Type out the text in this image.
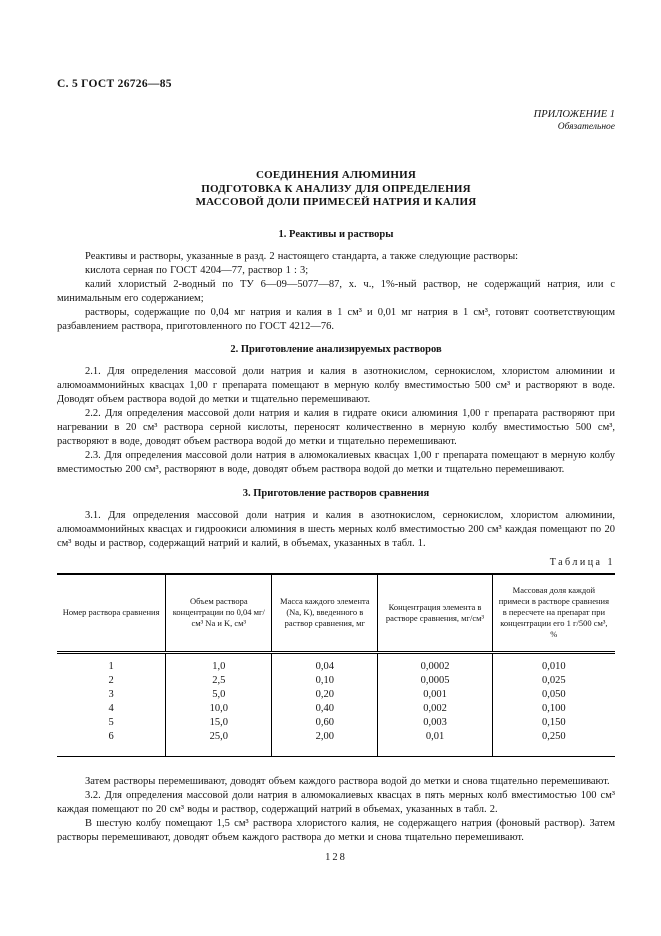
С. 5 ГОСТ 26726—85
ПРИЛОЖЕНИЕ 1
Обязательное
СОЕДИНЕНИЯ АЛЮМИНИЯ
ПОДГОТОВКА К АНАЛИЗУ ДЛЯ ОПРЕДЕЛЕНИЯ
МАССОВОЙ ДОЛИ ПРИМЕСЕЙ НАТРИЯ И КАЛИЯ
1. Реактивы и растворы

Реактивы и растворы, указанные в разд. 2 настоящего стандарта, а также следующие растворы:

кислота серная по ГОСТ 4204—77, раствор 1 : 3;

калий хлористый 2-водный по ТУ 6—09—5077—87, х. ч., 1%-ный раствор, не содержащий натрия, или с минимальным его содержанием;

растворы, содержащие по 0,04 мг натрия и калия в 1 см³ и 0,01 мг натрия в 1 см³, готовят соответствующим разбавлением раствора, приготовленного по ГОСТ 4212—76.

2. Приготовление анализируемых растворов

2.1. Для определения массовой доли натрия и калия в азотнокислом, сернокислом, хлористом алюминии и алюмоаммонийных квасцах 1,00 г препарата помещают в мерную колбу вместимостью 500 см³ и растворяют в воде. Доводят объем раствора водой до метки и тщательно перемешивают.

2.2. Для определения массовой доли натрия и калия в гидрате окиси алюминия 1,00 г препарата растворяют при нагревании в 20 см³ раствора серной кислоты, переносят количественно в мерную колбу вместимостью 500 см³, растворяют в воде, доводят объем раствора водой до метки и тщательно перемешивают.

2.3. Для определения массовой доли натрия в алюмокалиевых квасцах 1,00 г препарата помещают в мерную колбу вместимостью 200 см³, растворяют в воде, доводят объем раствора водой до метки и тщательно перемешивают.

3. Приготовление растворов сравнения

3.1. Для определения массовой доли натрия и калия в азотнокислом, сернокислом, хлористом алюминии, алюмоаммонийных квасцах и гидроокиси алюминия в шесть мерных колб вместимостью 200 см³ каждая помещают по 20 см³ воды и раствор, содержащий натрий и калий, в объемах, указанных в табл. 1.

Таблица 1
Номер раствора сравнения	Объем раствора концентрации по 0,04 мг/см³ Na и K, см³	Масса каждого элемента (Na, K), введенного в раствор сравнения, мг	Концентрация элемента в растворе сравнения, мг/см³	Массовая доля каждой примеси в растворе сравнения в пересчете на препарат при концентрации его 1 г/500 см³, %
1	1,0	0,04	0,0002	0,010
2	2,5	0,10	0,0005	0,025
3	5,0	0,20	0,001	0,050
4	10,0	0,40	0,002	0,100
5	15,0	0,60	0,003	0,150
6	25,0	2,00	0,01	0,250

Затем растворы перемешивают, доводят объем каждого раствора водой до метки и снова тщательно перемешивают.

3.2. Для определения массовой доли натрия в алюмокалиевых квасцах в пять мерных колб вместимостью 100 см³ каждая помещают по 20 см³ воды и раствор, содержащий натрий в объемах, указанных в табл. 2.

В шестую колбу помещают 1,5 см³ раствора хлористого калия, не содержащего натрия (фоновый раствор). Затем растворы перемешивают, доводят объем каждого раствора до метки и снова тщательно перемешивают.

128
